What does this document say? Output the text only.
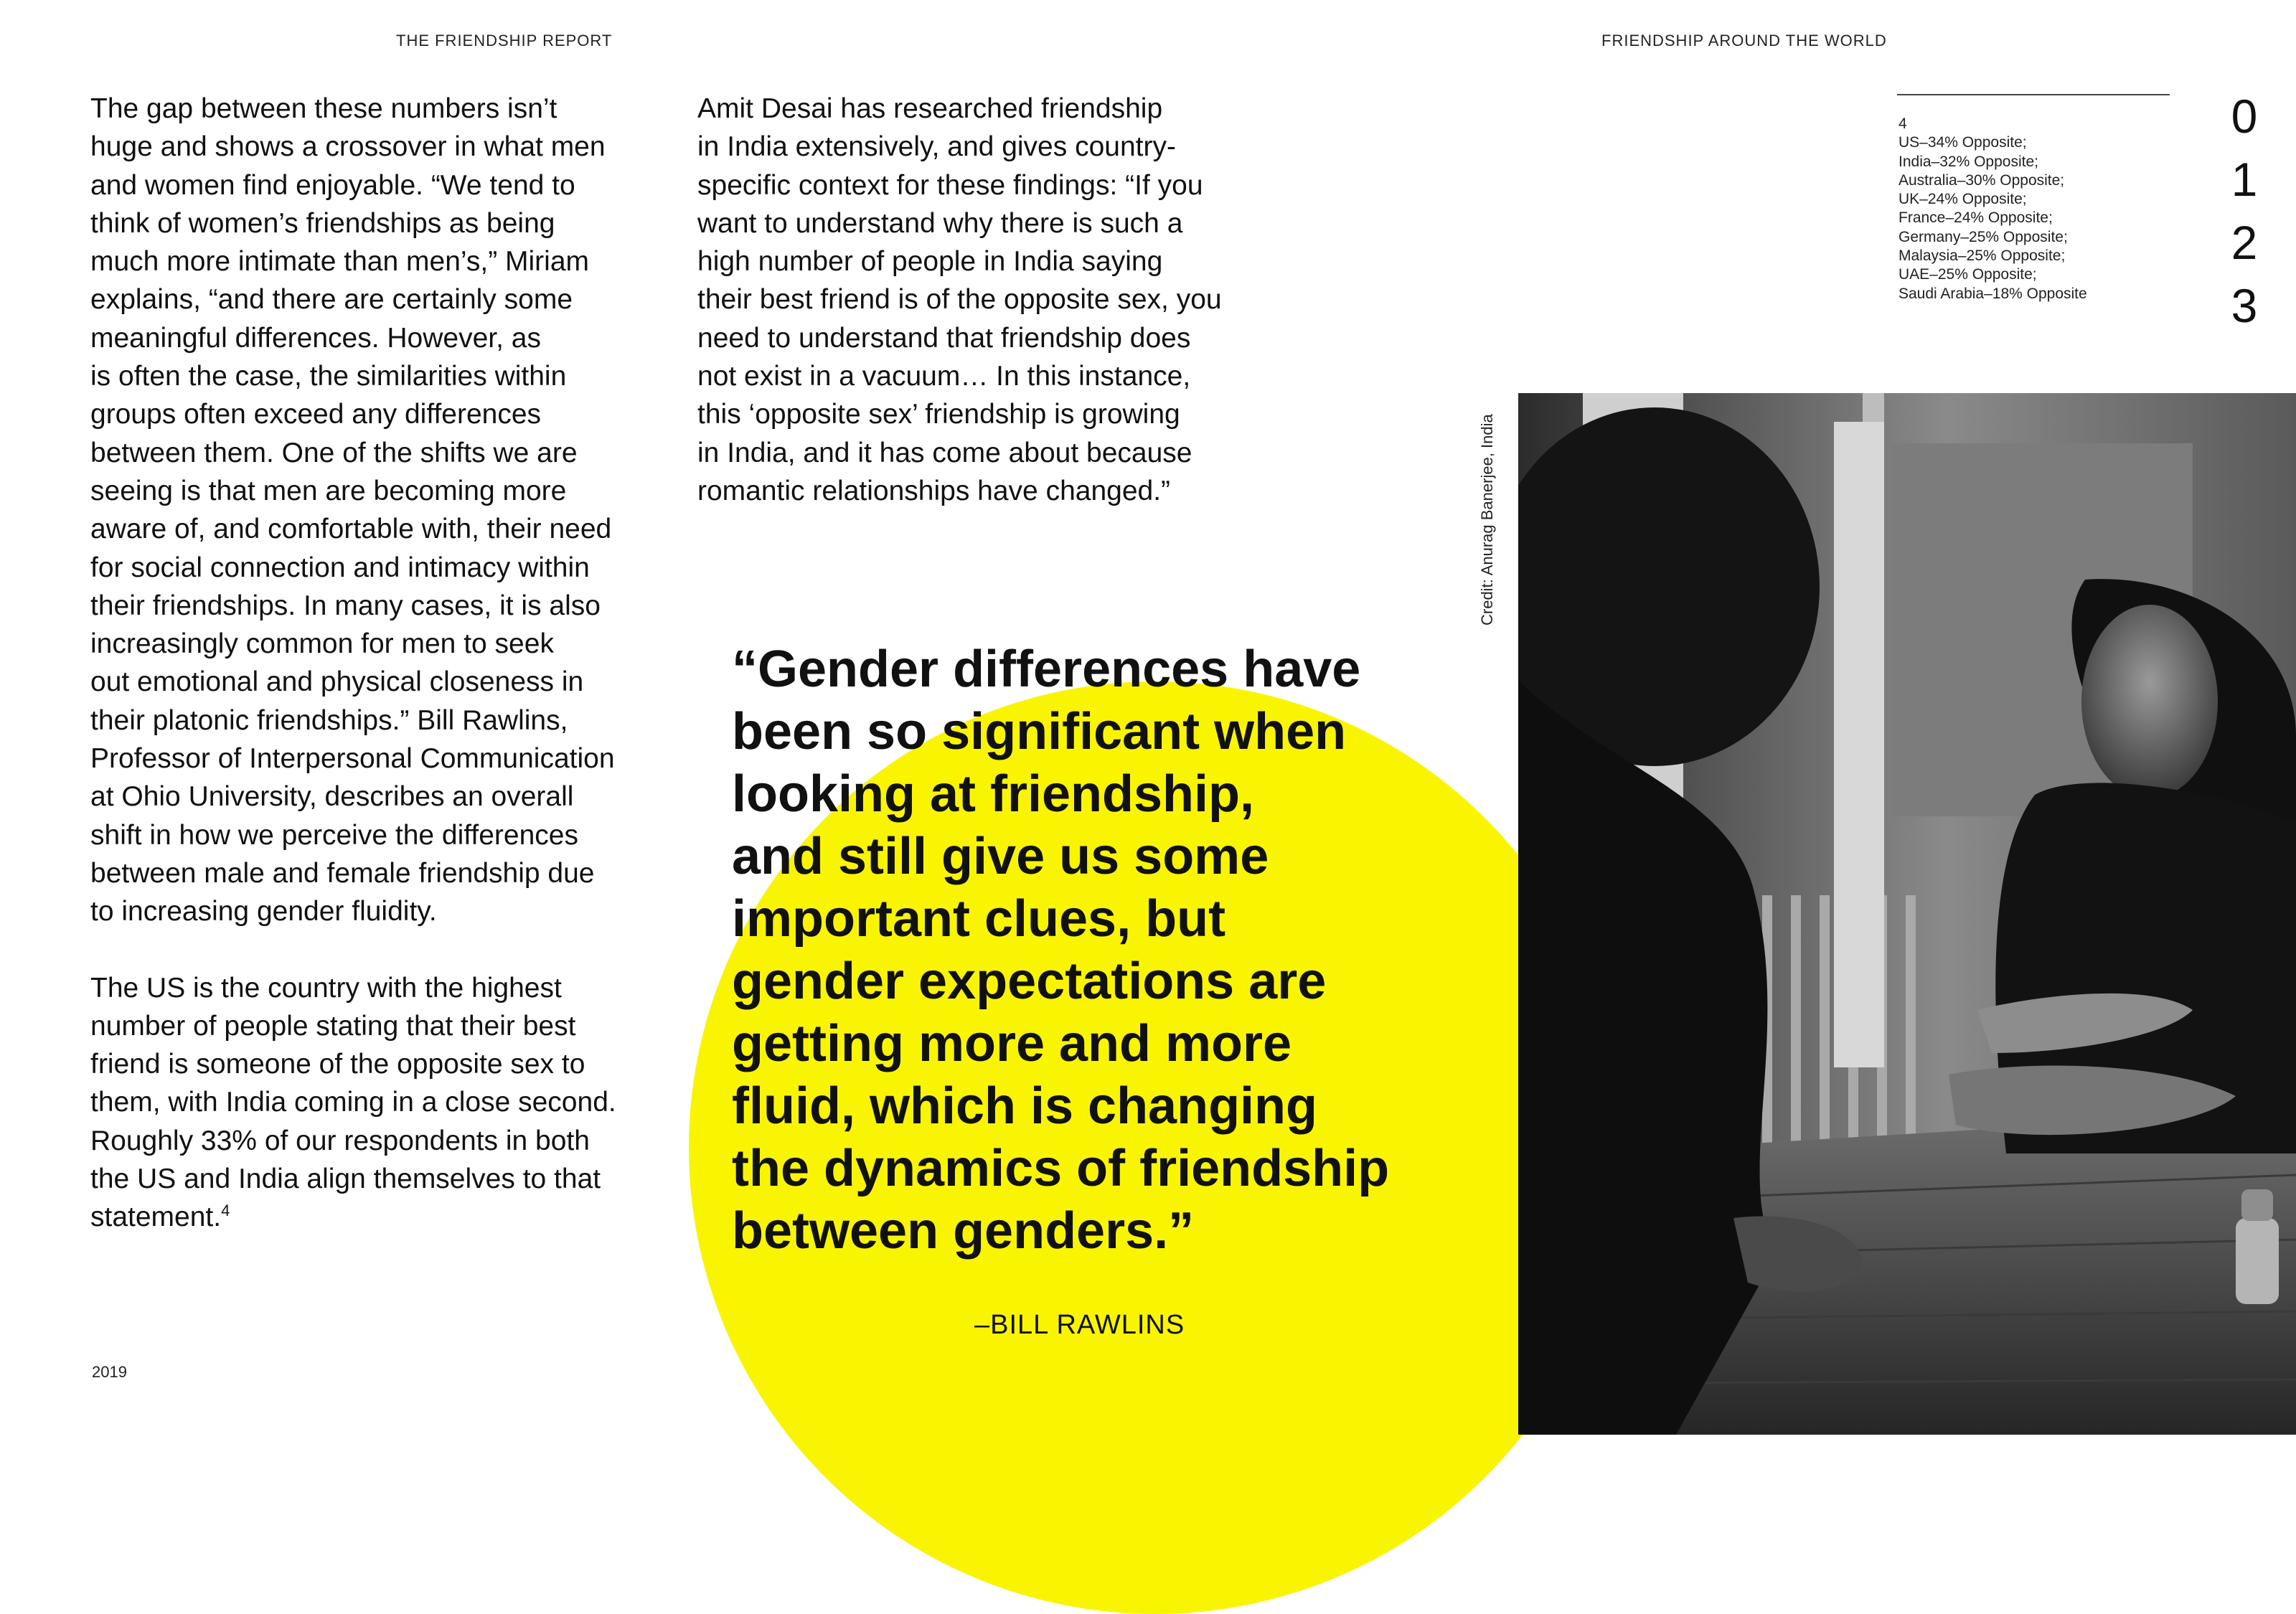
THE FRIENDSHIP REPORT	FRIENDSHIP AROUND THE WORLD

The gap between these numbers isn’t
huge and shows a crossover in what men
and women find enjoyable. “We tend to
think of women’s friendships as being
much more intimate than men’s,” Miriam
explains, “and there are certainly some
meaningful differences. However, as
is often the case, the similarities within
groups often exceed any differences
between them. One of the shifts we are
seeing is that men are becoming more
aware of, and comfortable with, their need
for social connection and intimacy within
their friendships. In many cases, it is also
increasingly common for men to seek
out emotional and physical closeness in
their platonic friendships.” Bill Rawlins,
Professor of Interpersonal Communication
at Ohio University, describes an overall
shift in how we perceive the differences
between male and female friendship due
to increasing gender fluidity.

The US is the country with the highest
number of people stating that their best
friend is someone of the opposite sex to
them, with India coming in a close second.
Roughly 33% of our respondents in both
the US and India align themselves to that
statement.$^4$

Amit Desai has researched friendship
in India extensively, and gives country-
specific context for these findings: “If you
want to understand why there is such a
high number of people in India saying
their best friend is of the opposite sex, you
need to understand that friendship does
not exist in a vacuum… In this instance,
this ‘opposite sex’ friendship is growing
in India, and it has come about because
romantic relationships have changed.”

“Gender differences have
been so significant when
looking at friendship,
and still give us some
important clues, but
gender expectations are
getting more and more
fluid, which is changing
the dynamics of friendship
between genders.”

–BILL RAWLINS
Credit: Anurag Banerjee, India
4
US–34% Opposite;
India–32% Opposite;
Australia–30% Opposite;
UK–24% Opposite;
France–24% Opposite;
Germany–25% Opposite;
Malaysia–25% Opposite;
UAE–25% Opposite;
Saudi Arabia–18% Opposite
0
1
2
3
2019
